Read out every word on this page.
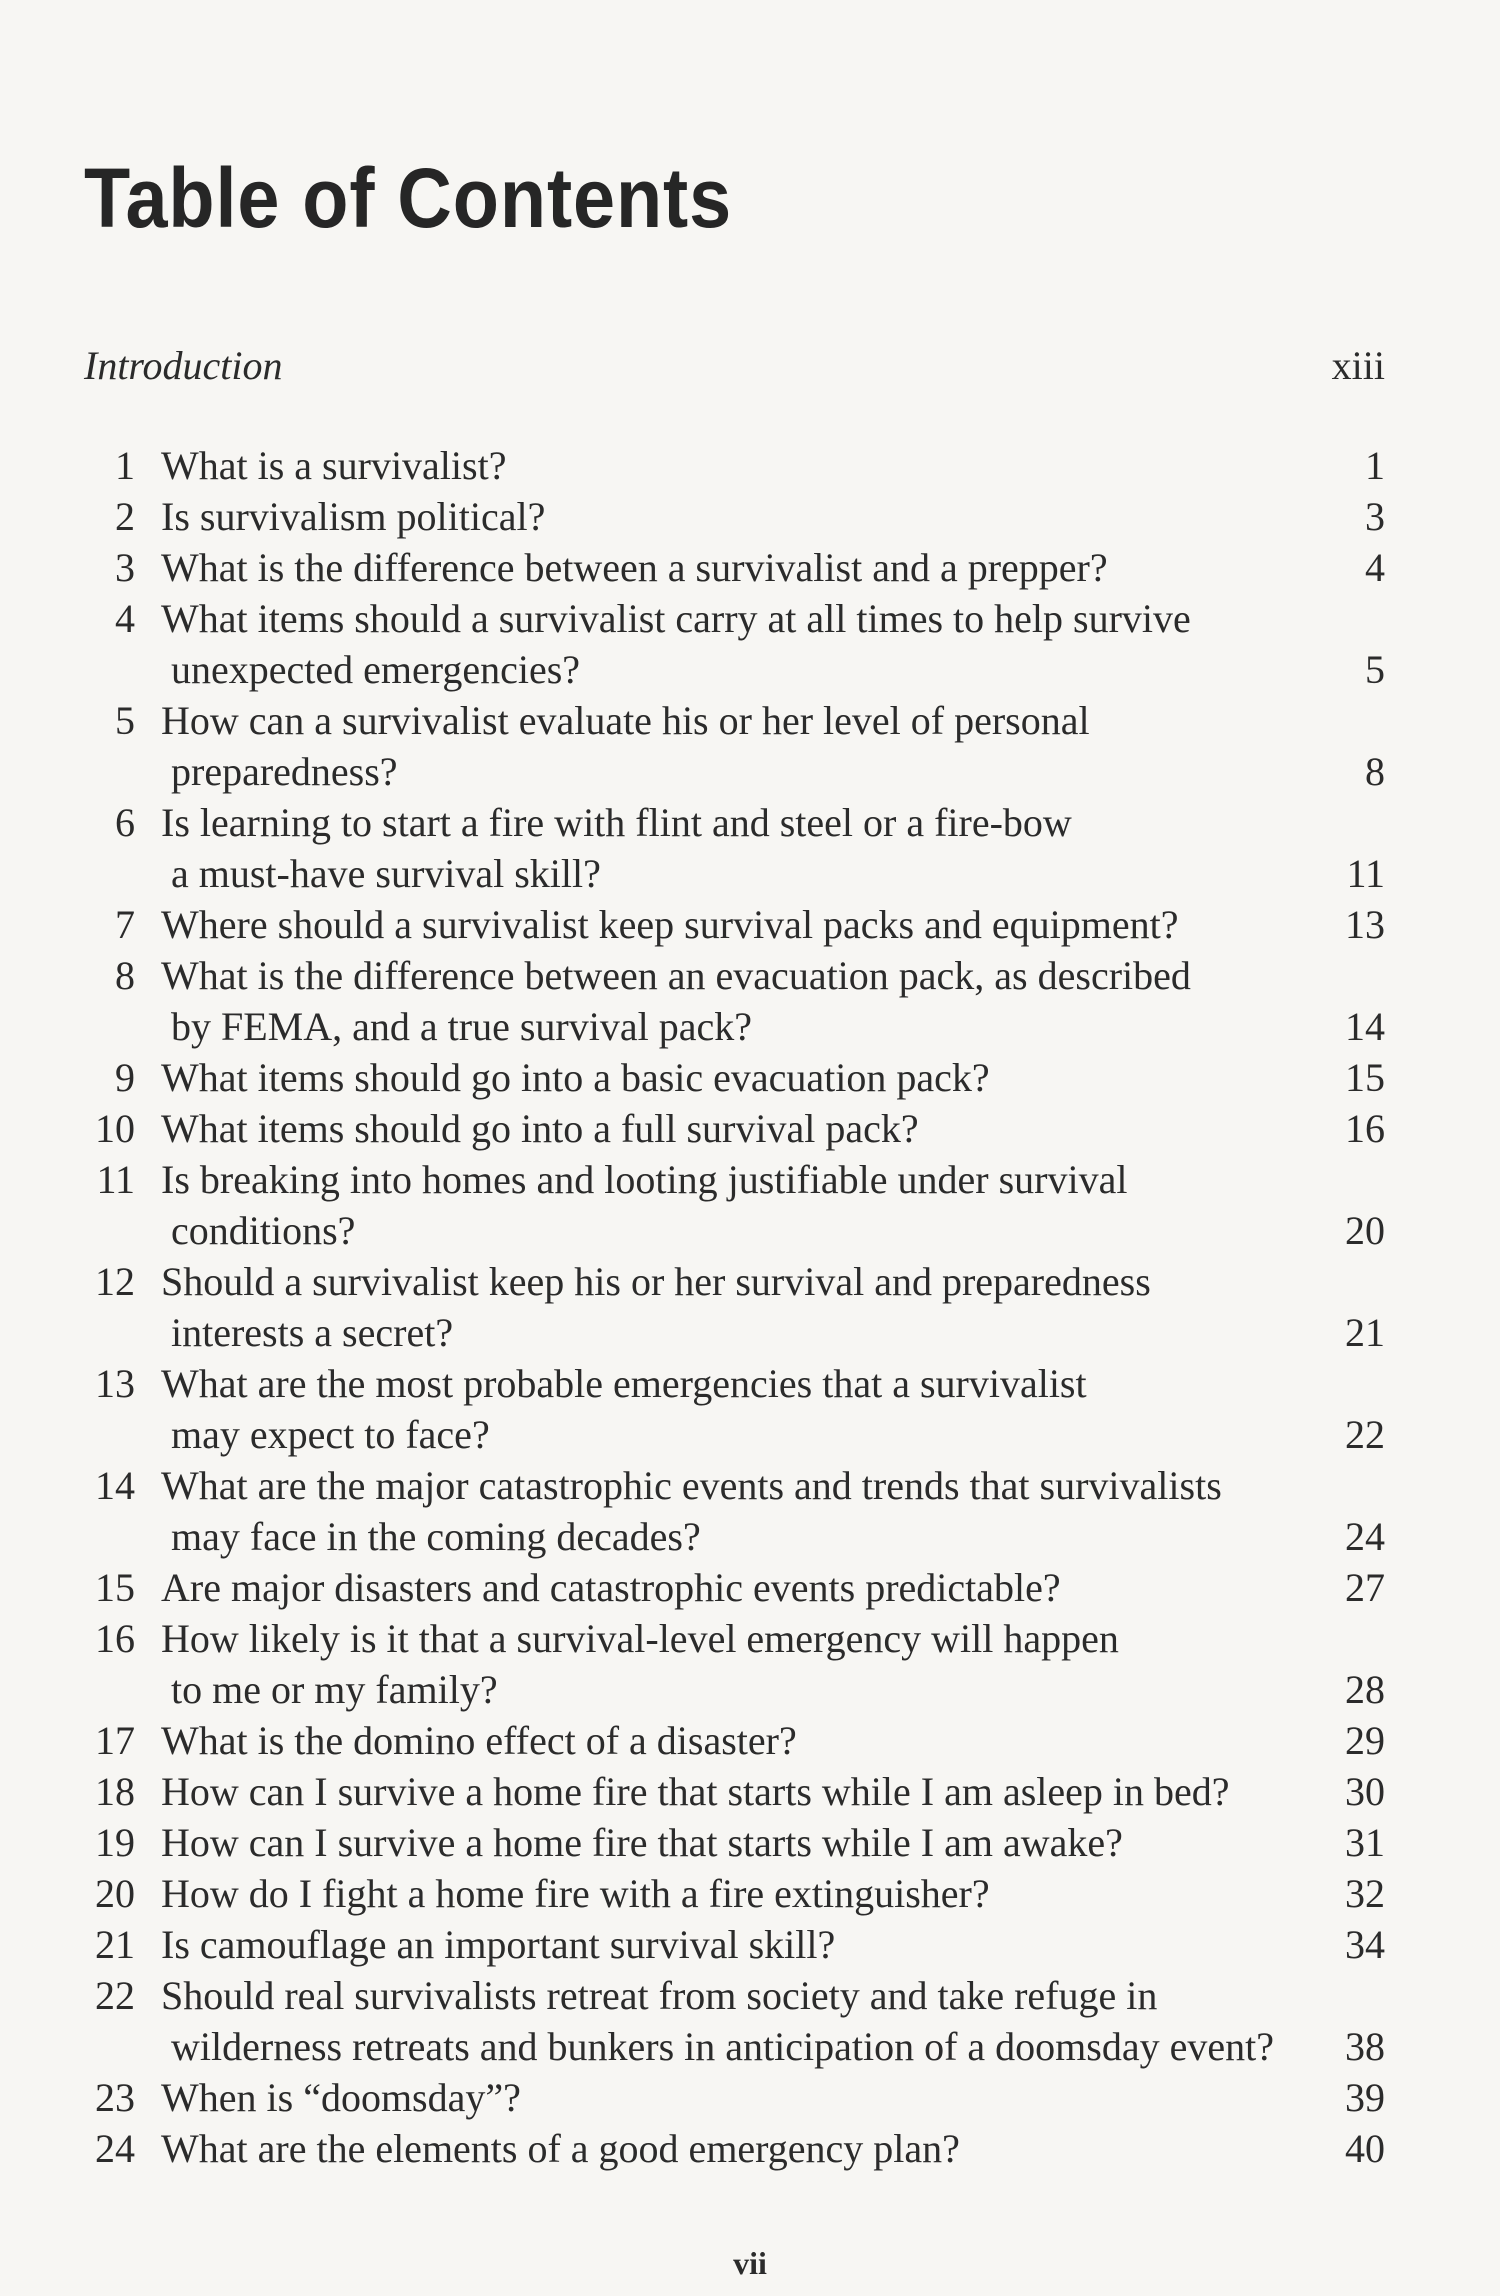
Table of Contents
Introduction	xiii
1 What is a survivalist?	1
2 Is survivalism political?	3
3 What is the difference between a survivalist and a prepper?	4
4 What items should a survivalist carry at all times to help survive
unexpected emergencies?	5
5 How can a survivalist evaluate his or her level of personal
preparedness?	8
6 Is learning to start a fire with flint and steel or a fire-bow
a must-have survival skill?	11
7 Where should a survivalist keep survival packs and equipment?	13
8 What is the difference between an evacuation pack, as described
by FEMA, and a true survival pack?	14
9 What items should go into a basic evacuation pack?	15
10 What items should go into a full survival pack?	16
11 Is breaking into homes and looting justifiable under survival
conditions?	20
12 Should a survivalist keep his or her survival and preparedness
interests a secret?	21
13 What are the most probable emergencies that a survivalist
may expect to face?	22
14 What are the major catastrophic events and trends that survivalists
may face in the coming decades?	24
15 Are major disasters and catastrophic events predictable?	27
16 How likely is it that a survival-level emergency will happen
to me or my family?	28
17 What is the domino effect of a disaster?	29
18 How can I survive a home fire that starts while I am asleep in bed?	30
19 How can I survive a home fire that starts while I am awake?	31
20 How do I fight a home fire with a fire extinguisher?	32
21 Is camouflage an important survival skill?	34
22 Should real survivalists retreat from society and take refuge in
wilderness retreats and bunkers in anticipation of a doomsday event?	38
23 When is “doomsday”?	39
24 What are the elements of a good emergency plan?	40
vii
